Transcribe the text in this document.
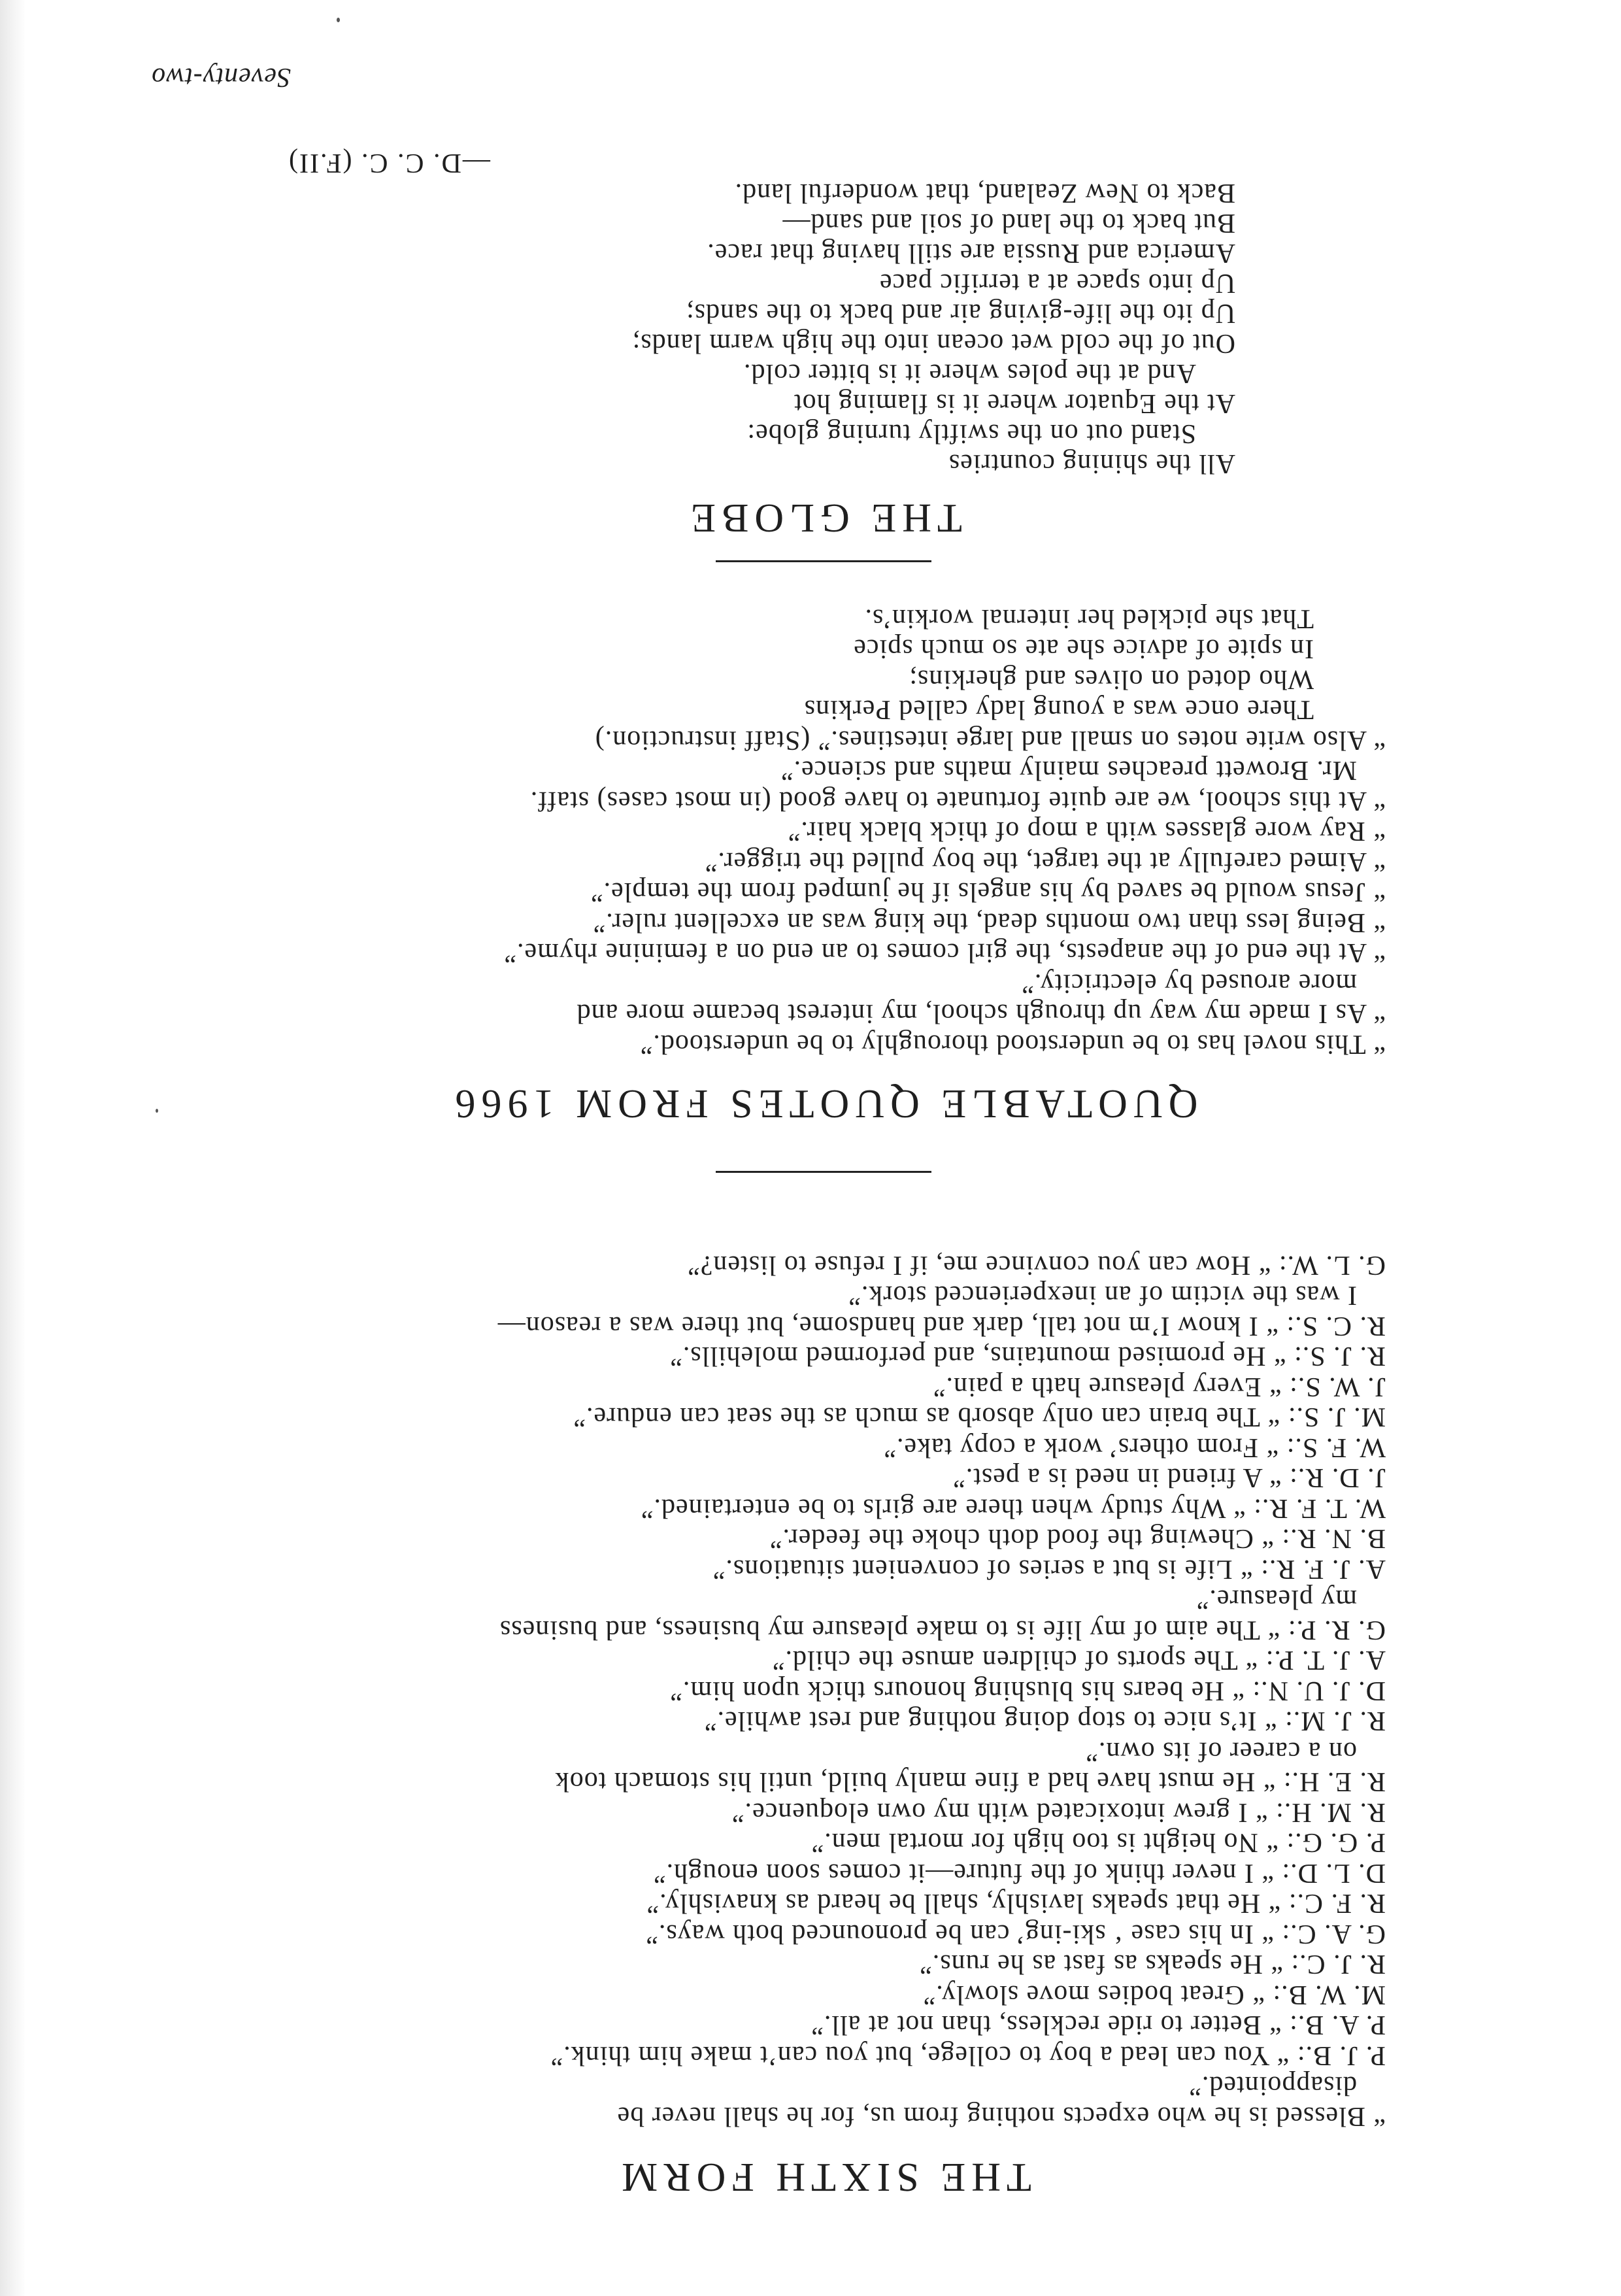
THE SIXTH FORM
“ Blessed is he who expects nothing from us, for he shall never be
disappointed.”
P. J. B.: “ You can lead a boy to college, but you can’t make him think.”
P. A. B.: “ Better to ride reckless, than not at all.”
M. W. B.: “ Great bodies move slowly.”
R. J. C.: “ He speaks as fast as he runs.”
G. A. C.: “ In his case ‘ ski-ing’ can be pronounced both ways.”
R. F. C.: “ He that speaks lavishly, shall be heard as knavishly.”
D. L. D.: “ I never think of the future—it comes soon enough.”
P. G. G.: “ No height is too high for mortal men.”
R. M. H.: “ I grew intoxicated with my own eloquence.”
R. E. H.: “ He must have had a fine manly build, until his stomach took
on a career of its own.”
R. J. M.: “ It’s nice to stop doing nothing and rest awhile.”
D. J. U. N.: “ He bears his blushing honours thick upon him.”
A. J. T. P.: “ The sports of children amuse the child.”
G. R. P.: “ The aim of my life is to make pleasure my business, and business
my pleasure.”
A. J. F. R.: “ Life is but a series of convenient situations.”
B. N. R.: “ Chewing the food doth choke the feeder.”
W. T. F. R.: “ Why study when there are girls to be entertained.”
J. D. R.: “ A friend in need is a pest.”
W. F. S.: “ From others’ work a copy take.”
M. J. S.: “ The brain can only absorb as much as the seat can endure.”
J. W. S.: “ Every pleasure hath a pain.”
R. J. S.: “ He promised mountains, and performed molehills.”
R. C. S.: “ I know I’m not tall, dark and handsome, but there was a reason—
I was the victim of an inexperienced stork.”
G. L. W.: “ How can you convince me, if I refuse to listen?”
QUOTABLE QUOTES FROM 1966
“ This novel has to be understood thoroughly to be understood.”
“ As I made my way up through school, my interest became more and
more aroused by electricity.”
“ At the end of the anapests, the girl comes to an end on a feminine rhyme.”
“ Being less than two months dead, the king was an excellent ruler.”
“ Jesus would be saved by his angels if he jumped from the temple.”
“ Aimed carefully at the target, the boy pulled the trigger.”
“ Ray wore glasses with a mop of thick black hair.”
“ At this school, we are quite fortunate to have good (in most cases) staff.
Mr. Browett preaches mainly maths and science.”
“ Also write notes on small and large intestines.” (Staff instruction.)
There once was a young lady called Perkins
Who doted on olives and gherkins;
In spite of advice she ate so much spice
That she pickled her internal workin’s.
THE GLOBE
All the shining countries
Stand out on the swiftly turning globe:
At the Equator where it is flaming hot
And at the poles where it is bitter cold.
Out of the cold wet ocean into the high warm lands;
Up ito the life-giving air and back to the sands;
Up into space at a terrific pace
America and Russia are still having that race.
But back to the land of soil and sand—
Back to New Zealand, that wonderful land.
—D. C. C. (F.II)
Seventy-two
